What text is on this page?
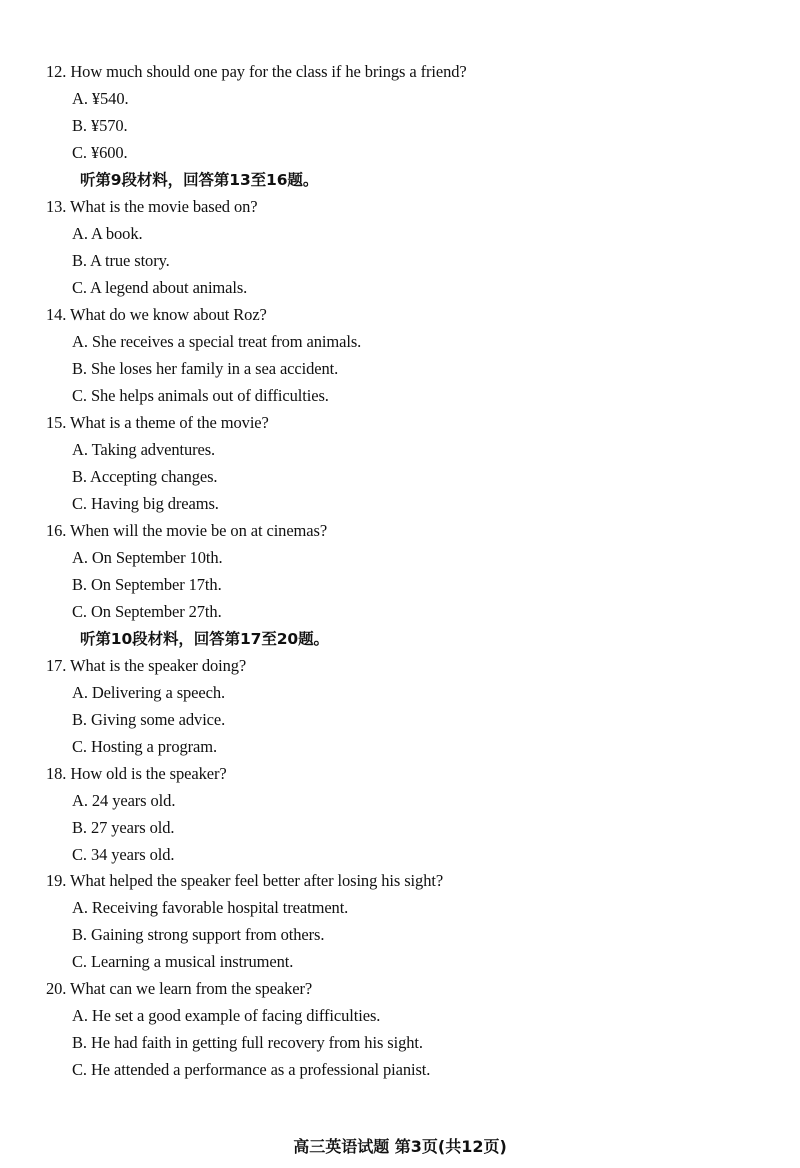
12. How much should one pay for the class if he brings a friend?
A. ¥540.
B. ¥570.
C. ¥600.
听第9段材料，回答第13至16题。
13. What is the movie based on?
A. A book.
B. A true story.
C. A legend about animals.
14. What do we know about Roz?
A. She receives a special treat from animals.
B. She loses her family in a sea accident.
C. She helps animals out of difficulties.
15. What is a theme of the movie?
A. Taking adventures.
B. Accepting changes.
C. Having big dreams.
16. When will the movie be on at cinemas?
A. On September 10th.
B. On September 17th.
C. On September 27th.
听第10段材料，回答第17至20题。
17. What is the speaker doing?
A. Delivering a speech.
B. Giving some advice.
C. Hosting a program.
18. How old is the speaker?
A. 24 years old.
B. 27 years old.
C. 34 years old.
19. What helped the speaker feel better after losing his sight?
A. Receiving favorable hospital treatment.
B. Gaining strong support from others.
C. Learning a musical instrument.
20. What can we learn from the speaker?
A. He set a good example of facing difficulties.
B. He had faith in getting full recovery from his sight.
C. He attended a performance as a professional pianist.
高三英语试题 第3页(共12页)
